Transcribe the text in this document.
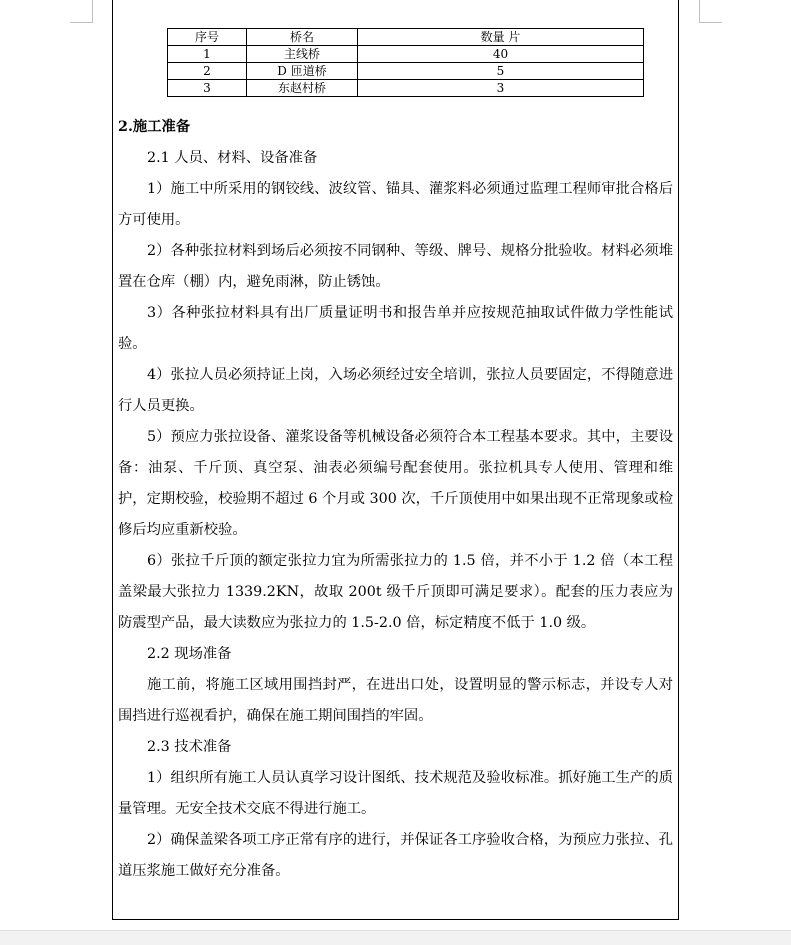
序号	桥名	数量 片
1	主线桥	40
2	D 匝道桥	5
3	东赵村桥	3

2.施工准备

2.1 人员、材料、设备准备

1）施工中所采用的钢铰线、波纹管、锚具、灌浆料必须通过监理工程师审批合格后方可使用。

2）各种张拉材料到场后必须按不同钢种、等级、牌号、规格分批验收。材料必须堆置在仓库（棚）内，避免雨淋，防止锈蚀。

3）各种张拉材料具有出厂质量证明书和报告单并应按规范抽取试件做力学性能试验。

4）张拉人员必须持证上岗，入场必须经过安全培训，张拉人员要固定，不得随意进行人员更换。

5）预应力张拉设备、灌浆设备等机械设备必须符合本工程基本要求。其中，主要设备：油泵、千斤顶、真空泵、油表必须编号配套使用。张拉机具专人使用、管理和维护，定期校验，校验期不超过 6 个月或 300 次，千斤顶使用中如果出现不正常现象或检修后均应重新校验。

6）张拉千斤顶的额定张拉力宜为所需张拉力的 1.5 倍，并不小于 1.2 倍（本工程盖梁最大张拉力 1339.2KN，故取 200t 级千斤顶即可满足要求）。配套的压力表应为防震型产品，最大读数应为张拉力的 1.5-2.0 倍，标定精度不低于 1.0 级。

2.2 现场准备

施工前，将施工区域用围挡封严，在进出口处，设置明显的警示标志，并设专人对围挡进行巡视看护，确保在施工期间围挡的牢固。

2.3 技术准备

1）组织所有施工人员认真学习设计图纸、技术规范及验收标准。抓好施工生产的质量管理。无安全技术交底不得进行施工。

2）确保盖梁各项工序正常有序的进行，并保证各工序验收合格，为预应力张拉、孔道压浆施工做好充分准备。
